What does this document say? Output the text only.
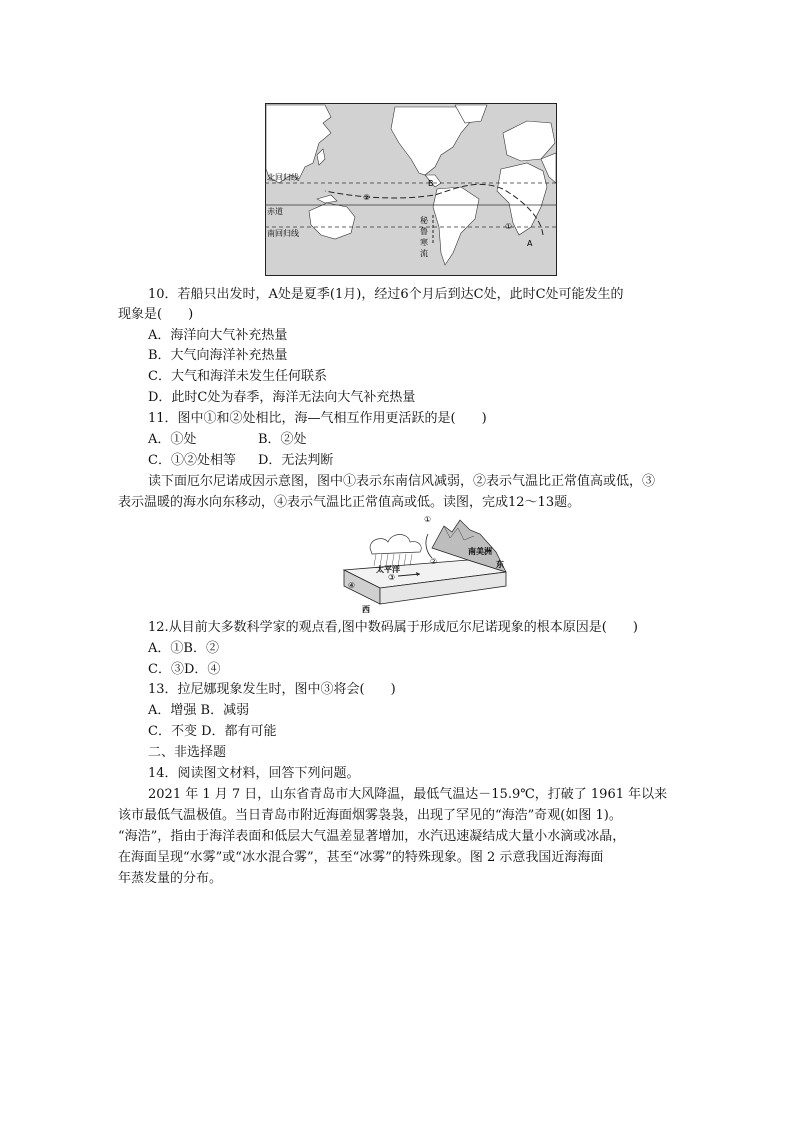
北回归线
赤道
南回归线
②
①
B
A
秘
鲁
寒
流
10．若船只出发时，A处是夏季(1月)，经过6个月后到达C处，此时C处可能发生的
现象是(　　)
A．海洋向大气补充热量
B．大气向海洋补充热量
C．大气和海洋未发生任何联系
D．此时C处为春季，海洋无法向大气补充热量
11．图中①和②处相比，海—气相互作用更活跃的是(　　)
A．①处	B．②处
C．①②处相等 D．无法判断
读下面厄尔尼诺成因示意图，图中①表示东南信风减弱，②表示气温比正常值高或低，③
表示温暖的海水向东移动，④表示气温比正常值高或低。读图，完成12～13题。
太平洋
南美洲
东
西
①
②
③
④
12.从目前大多数科学家的观点看,图中数码属于形成厄尔尼诺现象的根本原因是(　　)
A．①B．②
C．③D．④
13．拉尼娜现象发生时，图中③将会(　　)
A．增强 B．减弱
C．不变 D．都有可能
二、非选择题
14．阅读图文材料，回答下列问题。
2021 年 1 月 7 日，山东省青岛市大风降温，最低气温达－15.9℃，打破了 1961 年以来
该市最低气温极值。当日青岛市附近海面烟雾袅袅，出现了罕见的“海浩”奇观(如图 1)。
“海浩”，指由于海洋表面和低层大气温差显著增加，水汽迅速凝结成大量小水滴或冰晶，
在海面呈现“水雾”或“冰水混合雾”，甚至“冰雾”的特殊现象。图 2 示意我国近海海面
年蒸发量的分布。
